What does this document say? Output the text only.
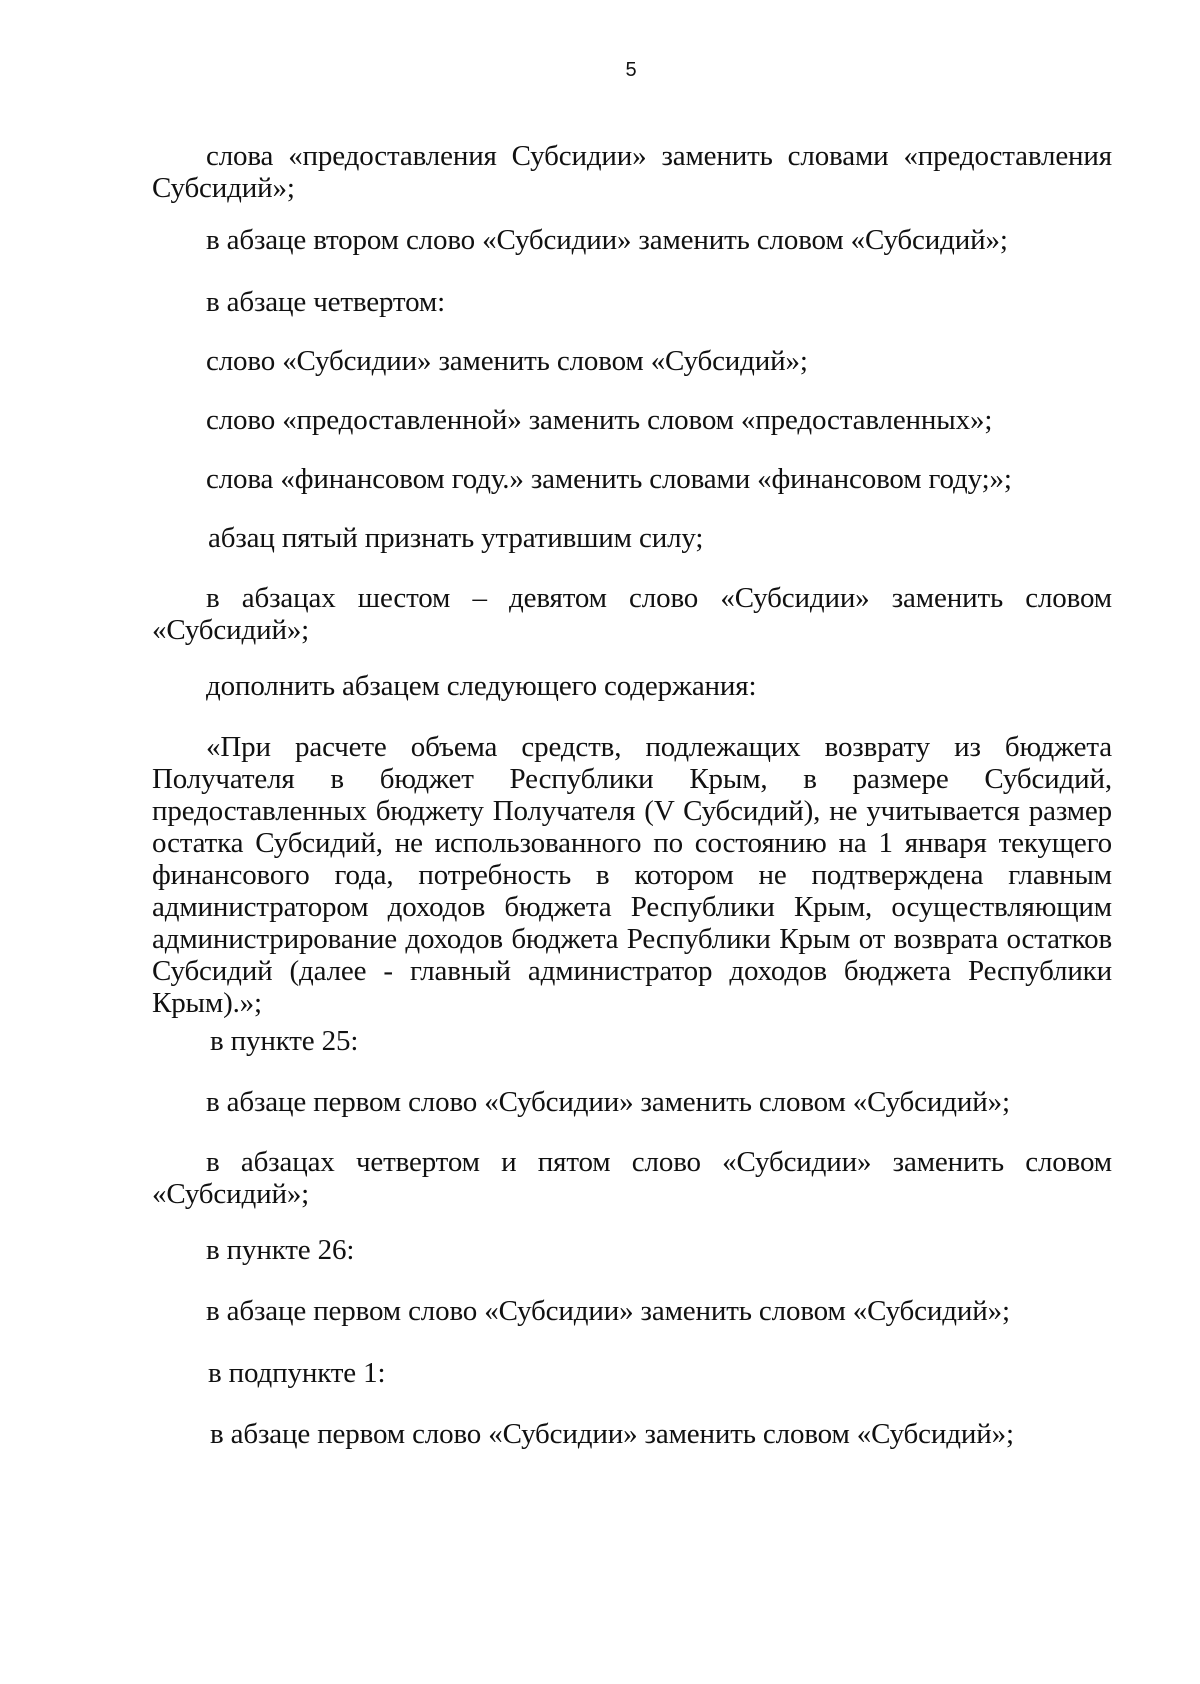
5

слова «предоставления Субсидии» заменить словами «предоставления Субсидий»;

в абзаце втором слово «Субсидии» заменить словом «Субсидий»;

в абзаце четвертом:

слово «Субсидии» заменить словом «Субсидий»;

слово «предоставленной» заменить словом «предоставленных»;

слова «финансовом году.» заменить словами «финансовом году;»;

абзац пятый признать утратившим силу;

в абзацах шестом – девятом слово «Субсидии» заменить словом «Субсидий»;

дополнить абзацем следующего содержания:

«При расчете объема средств, подлежащих возврату из бюджета Получателя в бюджет Республики Крым, в размере Субсидий, предоставленных бюджету Получателя (V Субсидий), не учитывается размер остатка Субсидий, не использованного по состоянию на 1 января текущего финансового года, потребность в котором не подтверждена главным администратором доходов бюджета Республики Крым, осуществляющим администрирование доходов бюджета Республики Крым от возврата остатков Субсидий (далее - главный администратор доходов бюджета Республики Крым).»;

в пункте 25:

в абзаце первом слово «Субсидии» заменить словом «Субсидий»;

в абзацах четвертом и пятом слово «Субсидии» заменить словом «Субсидий»;

в пункте 26:

в абзаце первом слово «Субсидии» заменить словом «Субсидий»;

в подпункте 1:

в абзаце первом слово «Субсидии» заменить словом «Субсидий»;
